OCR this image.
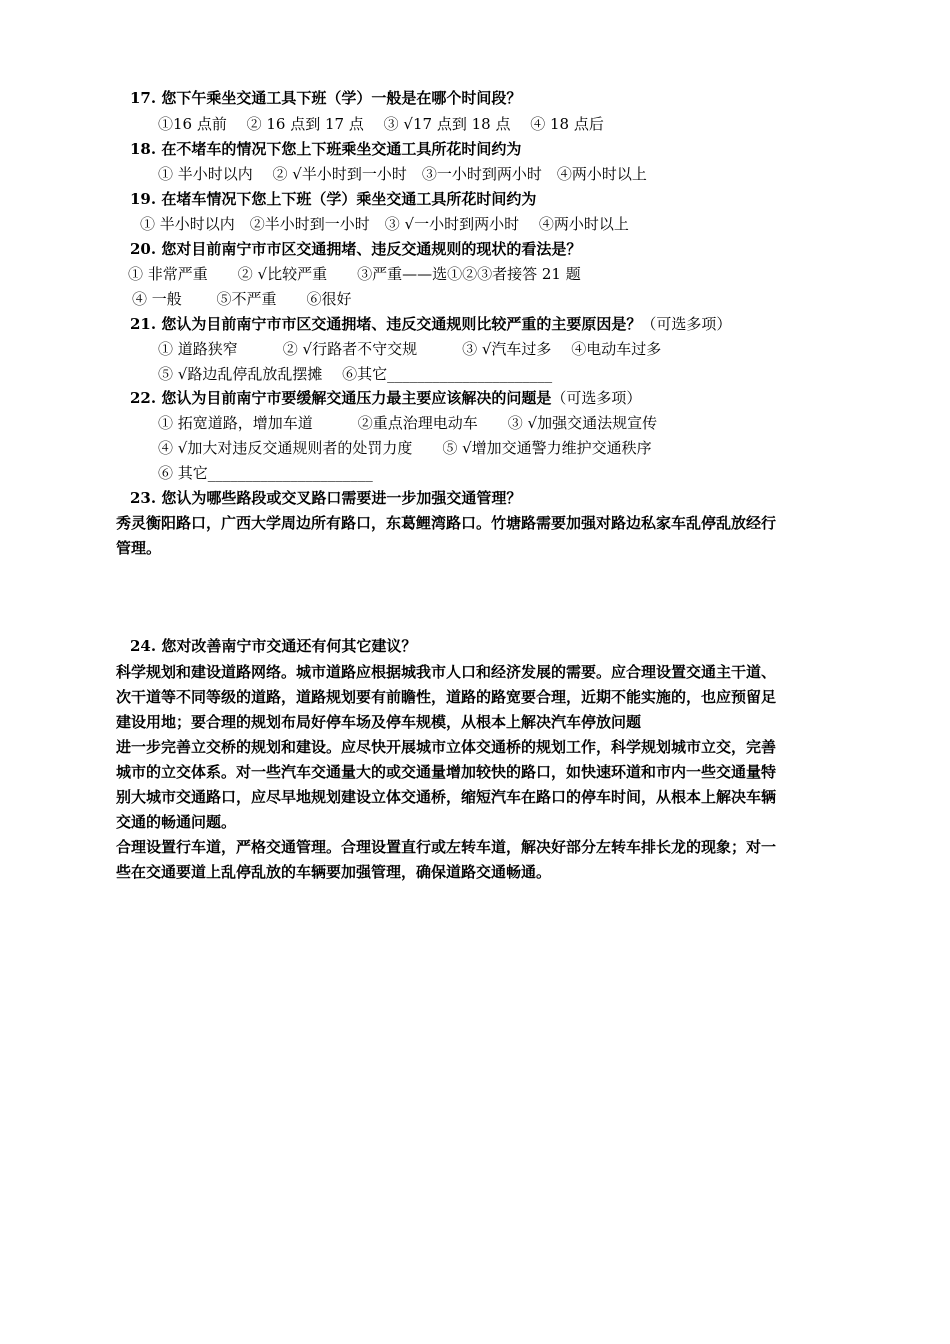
17. 您下午乘坐交通工具下班（学）一般是在哪个时间段？
①16 点前　 ② 16 点到 17 点　 ③ √17 点到 18 点　 ④ 18 点后
18. 在不堵车的情况下您上下班乘坐交通工具所花时间约为
① 半小时以内　 ② √半小时到一小时　③一小时到两小时　④两小时以上
19. 在堵车情况下您上下班（学）乘坐交通工具所花时间约为
① 半小时以内　②半小时到一小时　③ √一小时到两小时　 ④两小时以上
20. 您对目前南宁市市区交通拥堵、违反交通规则的现状的看法是？
① 非常严重　　② √比较严重　　③严重——选①②③者接答 21 题
④ 一般　　 ⑤不严重　　⑥很好
21. 您认为目前南宁市市区交通拥堵、违反交通规则比较严重的主要原因是？（可选多项）
① 道路狭窄　　　② √行路者不守交规　　　③ √汽车过多　 ④电动车过多
⑤ √路边乱停乱放乱摆摊　 ⑥其它______________________
22. 您认为目前南宁市要缓解交通压力最主要应该解决的问题是（可选多项）
① 拓宽道路，增加车道　　　②重点治理电动车　　③ √加强交通法规宣传
④ √加大对违反交通规则者的处罚力度　　⑤ √增加交通警力维护交通秩序
⑥ 其它______________________
23. 您认为哪些路段或交叉路口需要进一步加强交通管理？
秀灵衡阳路口，广西大学周边所有路口，东葛鲤湾路口。竹塘路需要加强对路边私家车乱停乱放经行
管理。
24. 您对改善南宁市交通还有何其它建议？
科学规划和建设道路网络。城市道路应根据城我市人口和经济发展的需要。应合理设置交通主干道、
次干道等不同等级的道路，道路规划要有前瞻性，道路的路宽要合理，近期不能实施的，也应预留足
建设用地；要合理的规划布局好停车场及停车规模，从根本上解决汽车停放问题
进一步完善立交桥的规划和建设。应尽快开展城市立体交通桥的规划工作，科学规划城市立交，完善
城市的立交体系。对一些汽车交通量大的或交通量增加较快的路口，如快速环道和市内一些交通量特
别大城市交通路口，应尽早地规划建设立体交通桥，缩短汽车在路口的停车时间，从根本上解决车辆
交通的畅通问题。
合理设置行车道，严格交通管理。合理设置直行或左转车道，解决好部分左转车排长龙的现象；对一
些在交通要道上乱停乱放的车辆要加强管理，确保道路交通畅通。
